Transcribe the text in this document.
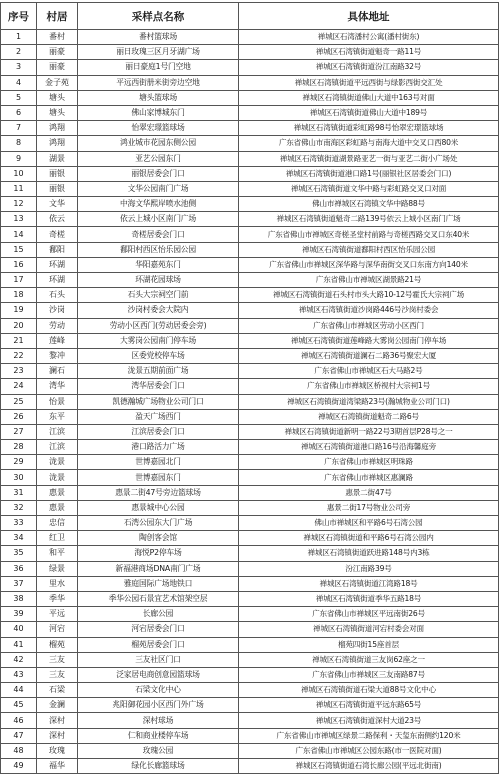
序号	村居	采样点名称	具体地址
1	番村	番村篮球场	禅城区石湾潘村公寓(潘村街东)
2	丽豪	丽日玫瑰三区月牙湖广场	禅城区石湾镇街道魁奇一路11号
3	丽豪	丽日豪庭1号门空地	禅城区石湾镇街道汾江南路32号
4	金子苑	平远西街册米街旁边空地	禅城区石湾镇街道平远西街与绿影西街交汇处
5	塘头	塘头篮球场	禅城区石湾镇街道佛山大道中163号对面
6	塘头	佛山家博城东门	禅城区石湾镇街道佛山大道中189号
7	鸿翔	怡翠宏璟篮球场	禅城区石湾镇街道彩虹路98号怡翠宏璟篮球场
8	鸿翔	鸿业城市花园东侧公园	广东省佛山市南海区彩虹路与南海大道中交叉口西80米
9	湖景	亚艺公园东门	禅城区石湾镇街道湖景路亚艺一街与亚艺二街小广场处
10	丽银	丽银居委会门口	禅城区石湾镇街道港口路1号(丽银社区居委会门口)
11	丽银	文华公园南门广场	禅城区石湾镇街道文华中路与彩虹路交叉口对面
12	文华	中海文华熙岸喷水池侧	佛山市禅城区石湾镇文华中路88号
13	依云	依云上城小区南门广场	禅城区石湾镇街道魁奇二路139号依云上城小区南门广场
14	奇槎	奇槎居委会门口	广东省佛山市禅城区奇槎圣堂村前路与奇槎西路交叉口东40米
15	鄱阳	鄱阳村西区怡乐园公园	禅城区石湾镇街道鄱阳村西区怡乐园公园
16	环湖	华阳嘉苑东门	广东省佛山市禅城区深华路与深华南街交叉口东南方向140米
17	环湖	环湖花园球场	广东省佛山市禅城区湖景路21号
18	石头	石头大宗祠空门前	禅城区石湾镇街道石头村市头大路10-12号霍氏大宗祠广场
19	沙岗	沙岗村委会大院内	禅城区石湾镇街道沙岗路446号沙岗村委会
20	劳动	劳动小区西门(劳动居委会旁)	广东省佛山市禅城区劳动小区西门
21	莲峰	大雾岗公园南门停车场	禅城区石湾镇街道莲峰路大雾岗公园南门停车场
22	黎冲	区委党校停车场	禅城区石湾镇街道澜石二路36号聚宏大厦
23	澜石	泷景五期前面广场	广东省佛山市禅城区石大马路2号
24	湾华	湾华居委会门口	广东省佛山市禅城区桥视村大宗祠1号
25	怡景	凯德瀚城广场物业公司门口	禅城区石湾镇街道湾梁路23号(瀚城物业公司门口)
26	东平	盈天广场西门	禅城区石湾镇街道魁奇二路6号
27	江滨	江滨居委会门口	禅城区石湾镇街道新明一路22号3期首层P28号之一
28	江滨	港口路活力广场	禅城区石湾镇街道港口路16号沿海馨庭旁
29	泷景	世博嘉园北门	广东省佛山市禅城区明珠路
30	泷景	世博嘉园东门	广东省佛山市禅城区惠澜路
31	惠景	惠景二街47号旁边篮球场	惠景二街47号
32	惠景	惠景城中心公园	惠景二街17号物业公司旁
33	忠信	石湾公园东大门广场	佛山市禅城区和平路6号石湾公园
34	红卫	陶创客会馆	禅城区石湾镇街道和平路6号石湾公园内
35	和平	海悦P2停车场	禅城区石湾镇街道跃进路148号内3栋
36	绿景	新福港商场DNA南门广场	汾江南路39号
37	里水	雅庭国际广场地铁口	禅城区石湾镇街道江湾路18号
38	季华	季华公园石景宜艺术馆架空层	禅城区石湾镇街道季华五路18号
39	平远	长廊公园	广东省佛山市禅城区平远南街26号
40	河宕	河宕居委会门口	禅城区石湾镇街道河宕村委会对面
41	榴苑	榴苑居委会门口	榴苑四街15座首层
42	三友	三友社区门口	禅城区石湾镇街道三友岗62座之一
43	三友	泛家居电商创意园篮球场	广东省佛山市禅城区三友南路87号
44	石梁	石梁文化中心	禅城区石湾镇街道石梁大道88号文化中心
45	金澜	兆阳御花园小区西门外广场	禅城区石湾镇街道平远东路65号
46	深村	深村球场	禅城区石湾镇街道深村大道23号
47	深村	仁和商业楼停车场	广东省佛山市禅城区绿景二路保利・天玺东南侧约120米
48	玫瑰	玫瑰公园	广东省佛山市禅城区公园东路(市一医院对面)
49	福华	绿化长廊篮球场	禅城区石湾镇街道石湾长廊公园(平远北街南)
